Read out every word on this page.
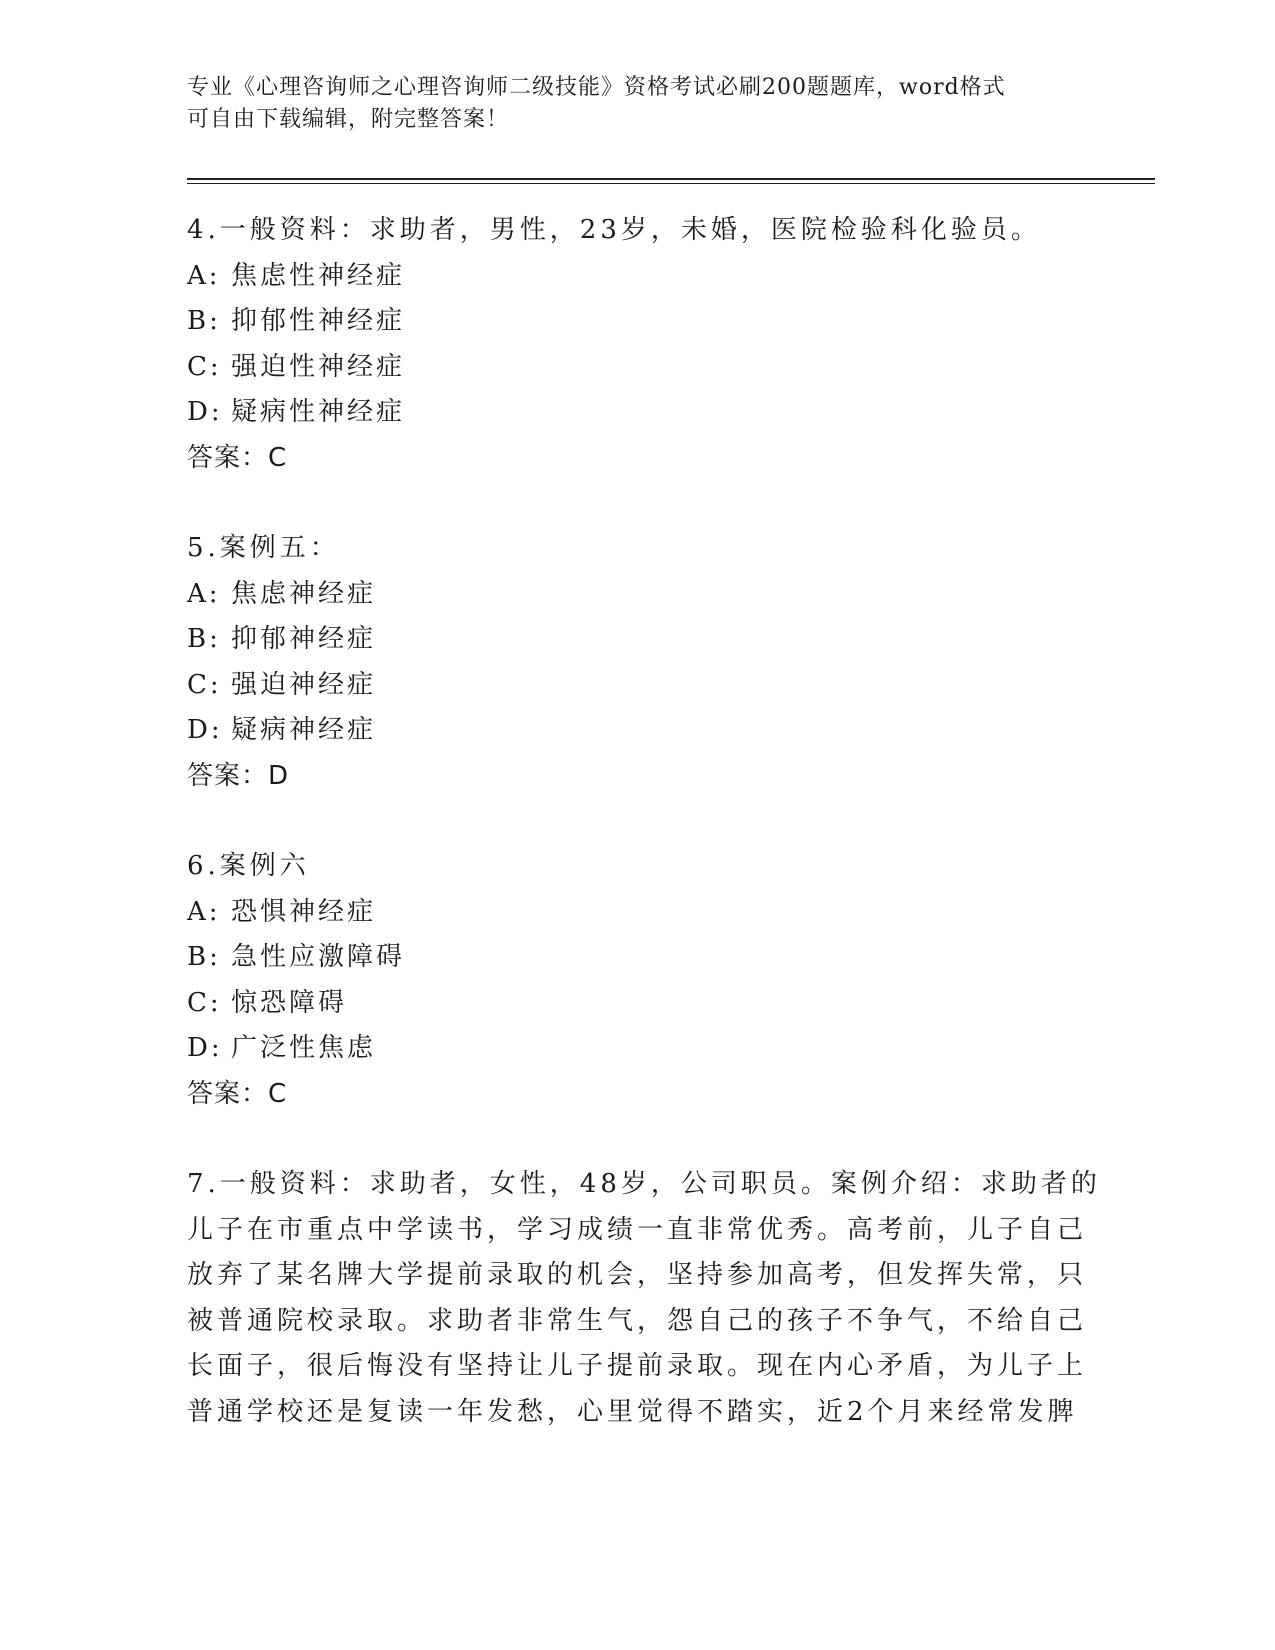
专业《心理咨询师之心理咨询师二级技能》资格考试必刷200题题库，word格式
可自由下载编辑，附完整答案！
4.一般资料：求助者，男性，23岁，未婚，医院检验科化验员。
A: 焦虑性神经症
B: 抑郁性神经症
C: 强迫性神经症
D: 疑病性神经症
答案：C
5.案例五：
A: 焦虑神经症
B: 抑郁神经症
C: 强迫神经症
D: 疑病神经症
答案：D
6.案例六
A: 恐惧神经症
B: 急性应激障碍
C: 惊恐障碍
D: 广泛性焦虑
答案：C
7.一般资料：求助者，女性，48岁，公司职员。案例介绍：求助者的
儿子在市重点中学读书，学习成绩一直非常优秀。高考前，儿子自己
放弃了某名牌大学提前录取的机会，坚持参加高考，但发挥失常，只
被普通院校录取。求助者非常生气，怨自己的孩子不争气，不给自己
长面子，很后悔没有坚持让儿子提前录取。现在内心矛盾，为儿子上
普通学校还是复读一年发愁，心里觉得不踏实，近2个月来经常发脾
